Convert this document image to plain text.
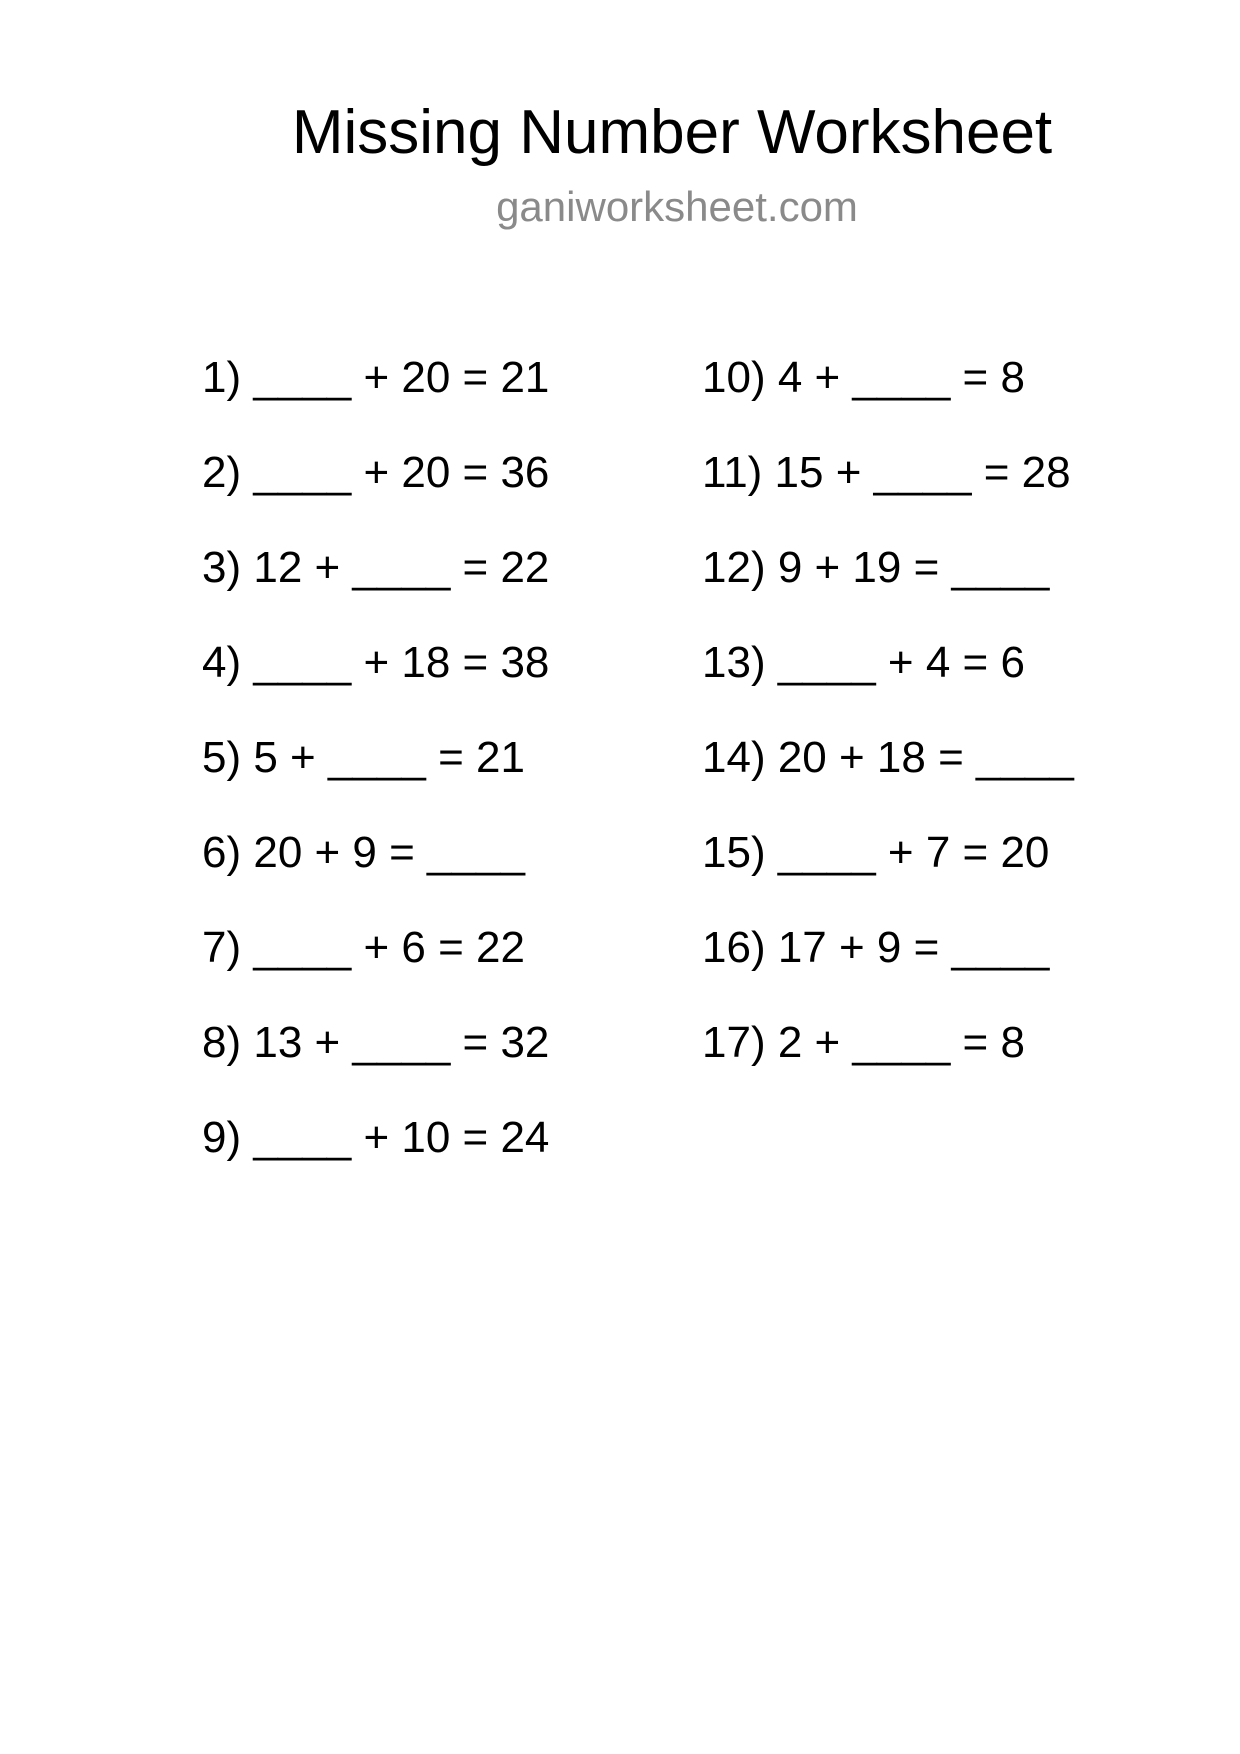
Missing Number Worksheet
ganiworksheet.com
1) ____ + 20 = 21
2) ____ + 20 = 36
3) 12 + ____ = 22
4) ____ + 18 = 38
5) 5 + ____ = 21
6) 20 + 9 = ____
7) ____ + 6 = 22
8) 13 + ____ = 32
9) ____ + 10 = 24
10) 4 + ____ = 8
11) 15 + ____ = 28
12) 9 + 19 = ____
13) ____ + 4 = 6
14) 20 + 18 = ____
15) ____ + 7 = 20
16) 17 + 9 = ____
17) 2 + ____ = 8
